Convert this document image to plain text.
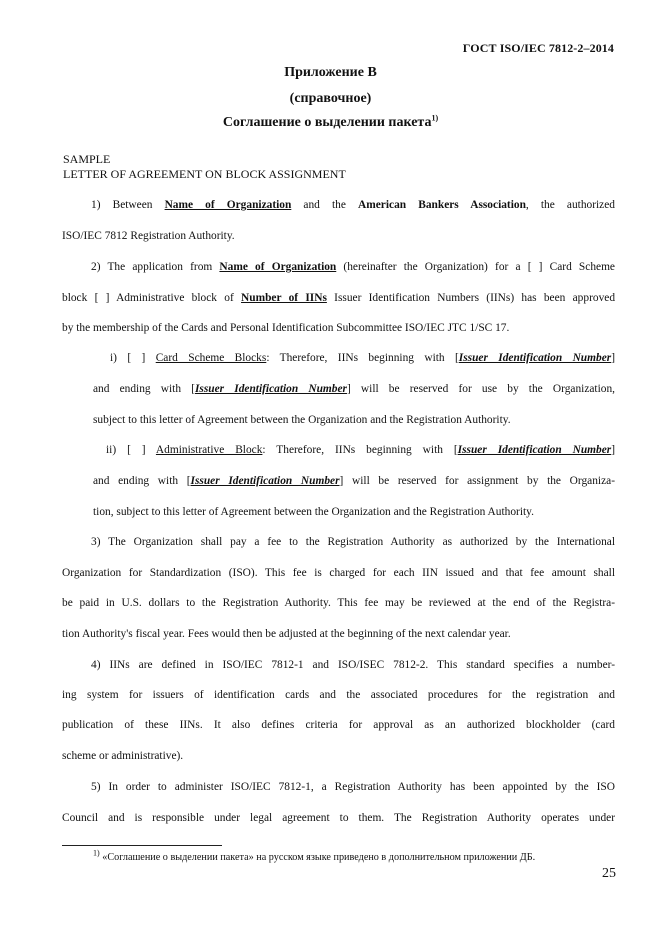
ГОСТ ISO/IEC 7812-2–2014
Приложение В
(справочное)
Соглашение о выделении пакета$^{1)}$
SAMPLE
LETTER OF AGREEMENT ON BLOCK ASSIGNMENT
1) Between Name of Organization and the American Bankers Association, the authorized
ISO/IEC 7812 Registration Authority.
2) The application from Name of Organization (hereinafter the Organization) for a [ ] Card Scheme
block [ ] Administrative block of Number of IINs Issuer Identification Numbers (IINs) has been approved
by the membership of the Cards and Personal Identification Subcommittee ISO/IEC JTC 1/SC 17.
i) [ ] Card Scheme Blocks: Therefore, IINs beginning with [Issuer Identification Number]
and ending with [Issuer Identification Number] will be reserved for use by the Organization,
subject to this letter of Agreement between the Organization and the Registration Authority.
ii) [ ] Administrative Block: Therefore, IINs beginning with [Issuer Identification Number]
and ending with [Issuer Identification Number] will be reserved for assignment by the Organiza-
tion, subject to this letter of Agreement between the Organization and the Registration Authority.
3) The Organization shall pay a fee to the Registration Authority as authorized by the International
Organization for Standardization (ISO). This fee is charged for each IIN issued and that fee amount shall
be paid in U.S. dollars to the Registration Authority. This fee may be reviewed at the end of the Registra-
tion Authority's fiscal year. Fees would then be adjusted at the beginning of the next calendar year.
4) IINs are defined in ISO/IEC 7812-1 and ISO/ISEC 7812-2. This standard specifies a number-
ing system for issuers of identification cards and the associated procedures for the registration and
publication of these IINs. It also defines criteria for approval as an authorized blockholder (card
scheme or administrative).
5) In order to administer ISO/IEC 7812-1, a Registration Authority has been appointed by the ISO
Council and is responsible under legal agreement to them. The Registration Authority operates under
$^{1)}$ «Соглашение о выделении пакета» на русском языке приведено в дополнительном приложении ДБ.
25
